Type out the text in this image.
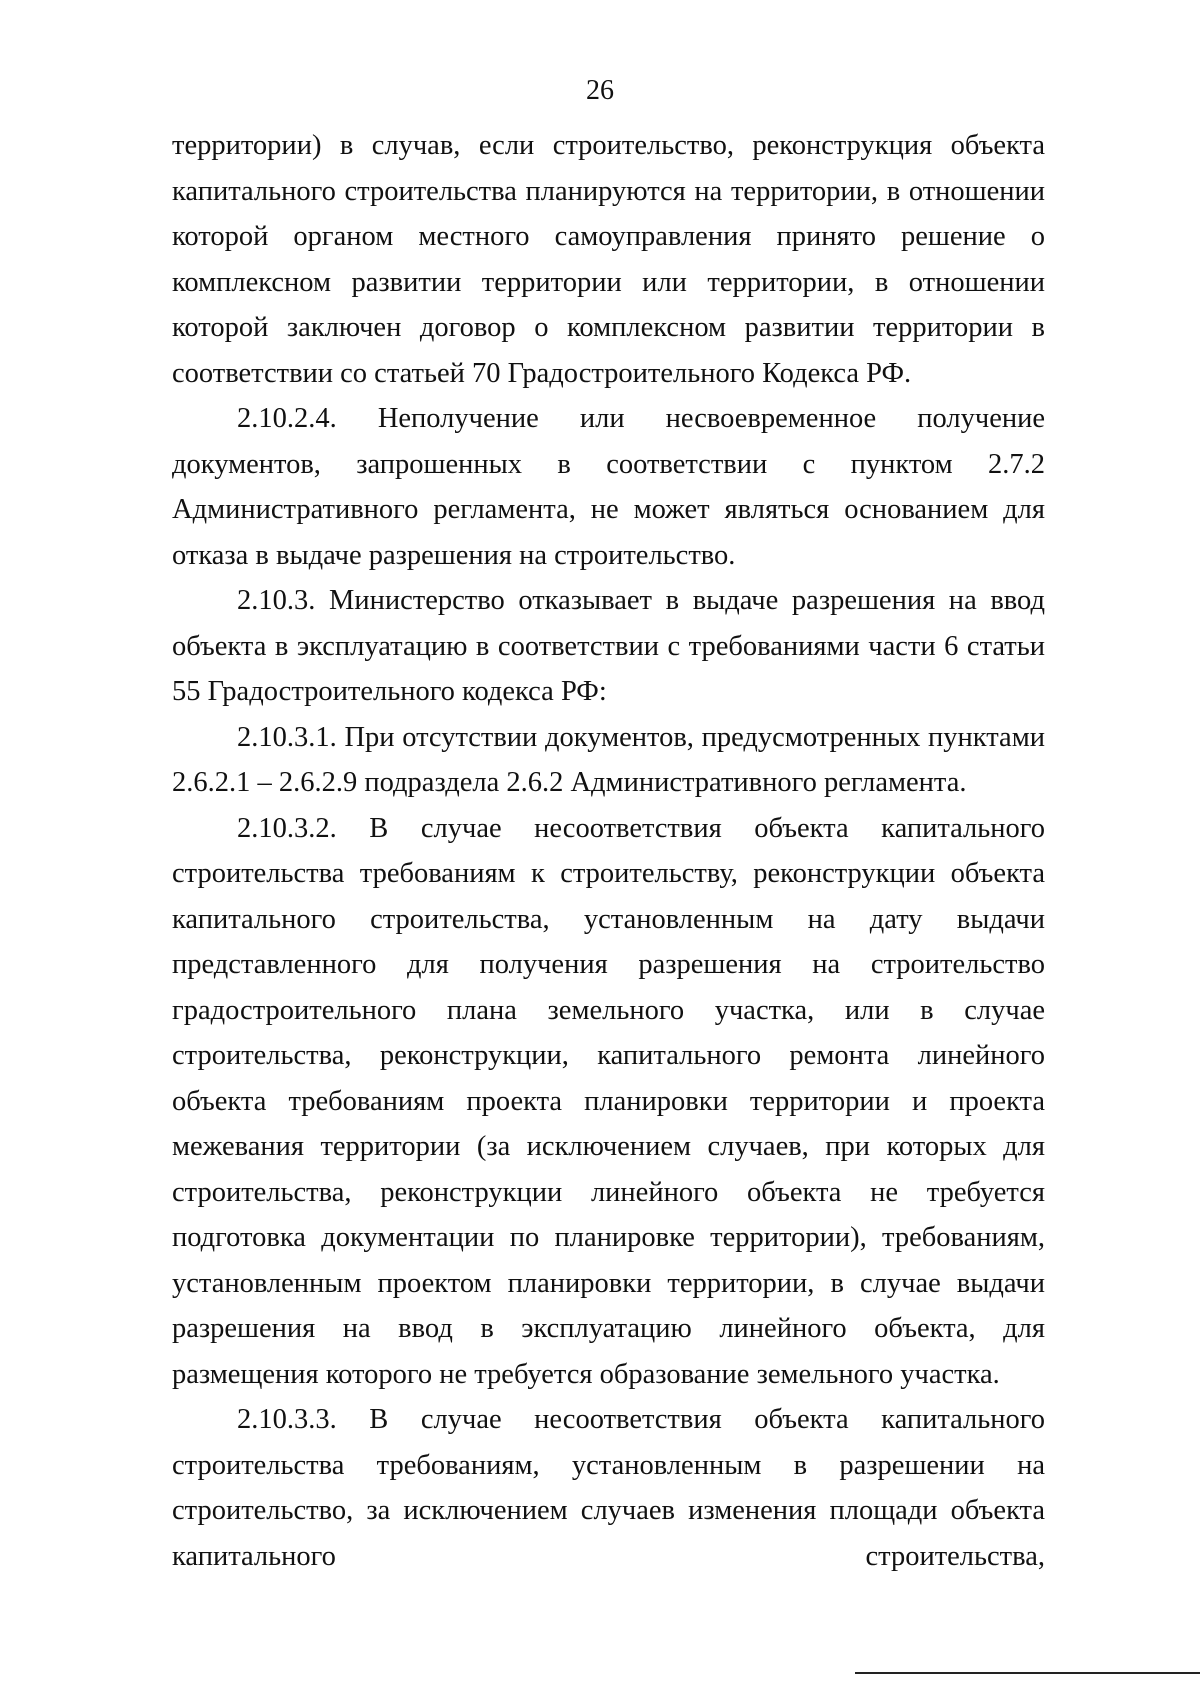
26

территории) в случав, если строительство, реконструкция объекта капитального строительства планируются на территории, в отношении которой органом местного самоуправления принято решение о комплексном развитии территории или территории, в отношении которой заключен договор о комплексном развитии территории в соответствии со статьей 70 Градостроительного Кодекса РФ.

2.10.2.4. Неполучение или несвоевременное получение документов, запрошенных в соответствии с пунктом 2.7.2 Административного регламента, не может являться основанием для отказа в выдаче разрешения на строительство.

2.10.3. Министерство отказывает в выдаче разрешения на ввод объекта в эксплуатацию в соответствии с требованиями части 6 статьи 55 Градостроительного кодекса РФ:

2.10.3.1. При отсутствии документов, предусмотренных пунктами 2.6.2.1 – 2.6.2.9 подраздела 2.6.2 Административного регламента.

2.10.3.2. В случае несоответствия объекта капитального строительства требованиям к строительству, реконструкции объекта капитального строительства, установленным на дату выдачи представленного для получения разрешения на строительство градостроительного плана земельного участка, или в случае строительства, реконструкции, капитального ремонта линейного объекта требованиям проекта планировки территории и проекта межевания территории (за исключением случаев, при которых для строительства, реконструкции линейного объекта не требуется подготовка документации по планировке территории), требованиям, установленным проектом планировки территории, в случае выдачи разрешения на ввод в эксплуатацию линейного объекта, для размещения которого не требуется образование земельного участка.

2.10.3.3. В случае несоответствия объекта капитального строительства требованиям, установленным в разрешении на строительство, за исключением случаев изменения площади объекта капитального строительства,
